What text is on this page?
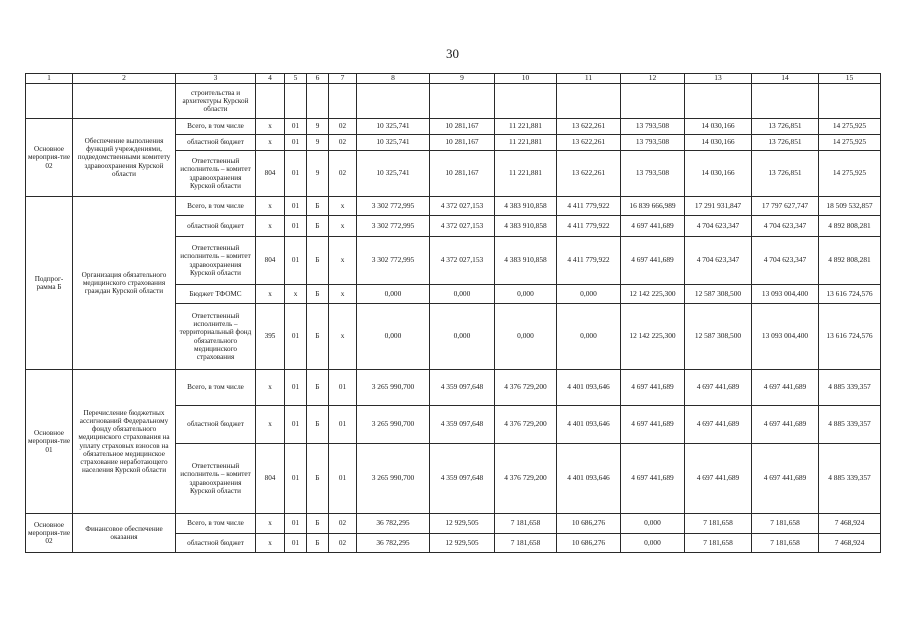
30
1	2	3	4	5	6	7	8	9	10	11	12	13	14	15
		строительства и архитектуры Курской области												
Основное мероприя-тие 02	Обеспечение выполнения функций учреждениями, подведомственными комитету здравоохранения Курской области	Всего, в том числе	x	01	9	02	10 325,741	10 281,167	11 221,881	13 622,261	13 793,508	14 030,166	13 726,851	14 275,925
		областной бюджет	x	01	9	02	10 325,741	10 281,167	11 221,881	13 622,261	13 793,508	14 030,166	13 726,851	14 275,925
		Ответственный исполнитель – комитет здравоохранения Курской области	804	01	9	02	10 325,741	10 281,167	11 221,881	13 622,261	13 793,508	14 030,166	13 726,851	14 275,925
Подпрог-рамма Б	Организация обязательного медицинского страхования граждан Курской области	Всего, в том числе	x	01	Б	x	3 302 772,995	4 372 027,153	4 383 910,858	4 411 779,922	16 839 666,989	17 291 931,847	17 797 627,747	18 509 532,857
		областной бюджет	x	01	Б	x	3 302 772,995	4 372 027,153	4 383 910,858	4 411 779,922	4 697 441,689	4 704 623,347	4 704 623,347	4 892 808,281
		Ответственный исполнитель – комитет здравоохранения Курской области	804	01	Б	x	3 302 772,995	4 372 027,153	4 383 910,858	4 411 779,922	4 697 441,689	4 704 623,347	4 704 623,347	4 892 808,281
		Бюджет ТФОМС	x	x	Б	x	0,000	0,000	0,000	0,000	12 142 225,300	12 587 308,500	13 093 004,400	13 616 724,576
		Ответственный исполнитель – территориальный фонд обязательного медицинского страхования	395	01	Б	x	0,000	0,000	0,000	0,000	12 142 225,300	12 587 308,500	13 093 004,400	13 616 724,576
Основное мероприя-тие 01	Перечисление бюджетных ассигнований Федеральному фонду обязательного медицинского страхования на уплату страховых взносов на обязательное медицинское страхование неработающего населения Курской области	Всего, в том числе	x	01	Б	01	3 265 990,700	4 359 097,648	4 376 729,200	4 401 093,646	4 697 441,689	4 697 441,689	4 697 441,689	4 885 339,357
		областной бюджет	x	01	Б	01	3 265 990,700	4 359 097,648	4 376 729,200	4 401 093,646	4 697 441,689	4 697 441,689	4 697 441,689	4 885 339,357
		Ответственный исполнитель – комитет здравоохранения Курской области	804	01	Б	01	3 265 990,700	4 359 097,648	4 376 729,200	4 401 093,646	4 697 441,689	4 697 441,689	4 697 441,689	4 885 339,357
Основное мероприя-тие 02	Финансовое обеспечение оказания	Всего, в том числе	x	01	Б	02	36 782,295	12 929,505	7 181,658	10 686,276	0,000	7 181,658	7 181,658	7 468,924
		областной бюджет	x	01	Б	02	36 782,295	12 929,505	7 181,658	10 686,276	0,000	7 181,658	7 181,658	7 468,924
